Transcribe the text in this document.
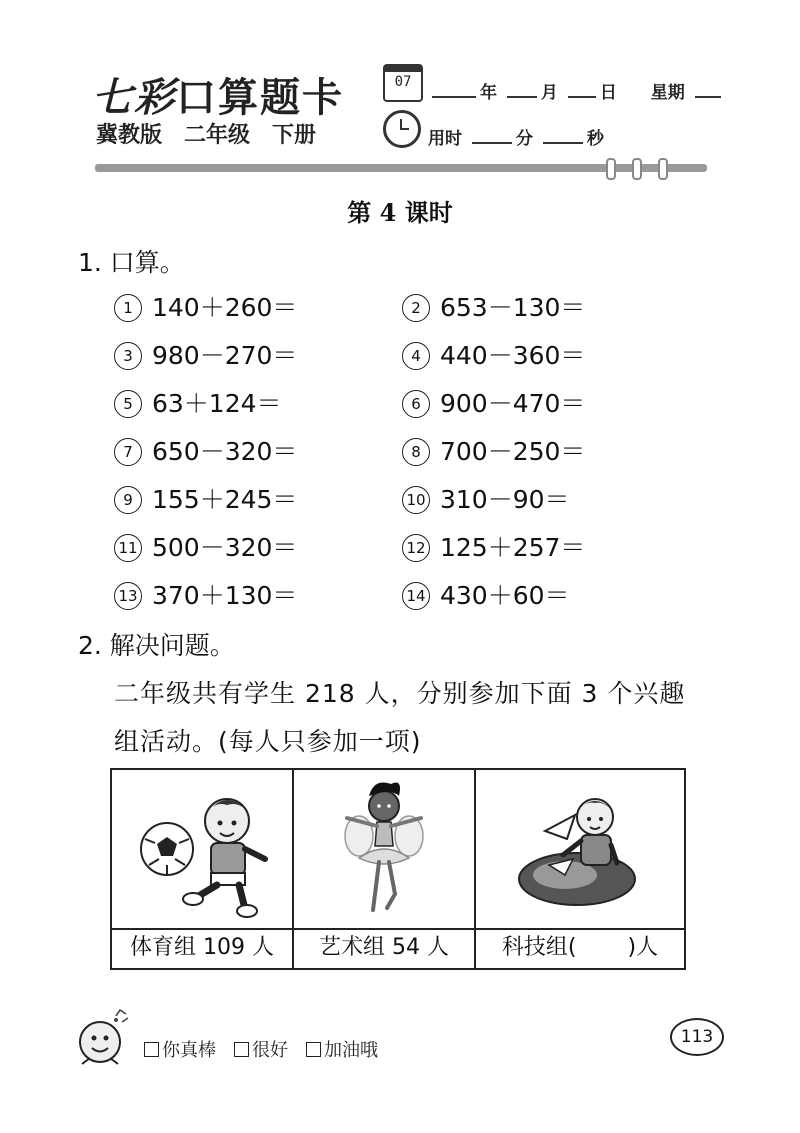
七彩口算题卡
冀教版 二年级 下册
07
年	月 日 星期
用时	分	秒
第 4 课时
1. 口算。
1 140＋260＝	2 653－130＝
3 980－270＝	4 440－360＝
5 63＋124＝	6 900－470＝
7 650－320＝	8 700－250＝
9 155＋245＝	10 310－90＝
11 500－320＝	12 125＋257＝
13 370＋130＝	14 430＋60＝
2. 解决问题。
二年级共有学生 218 人，分别参加下面 3 个兴趣
组活动。(每人只参加一项)
体育组 109 人	艺术组 54 人	科技组(　　 )人
你真棒	很好	加油哦
113
